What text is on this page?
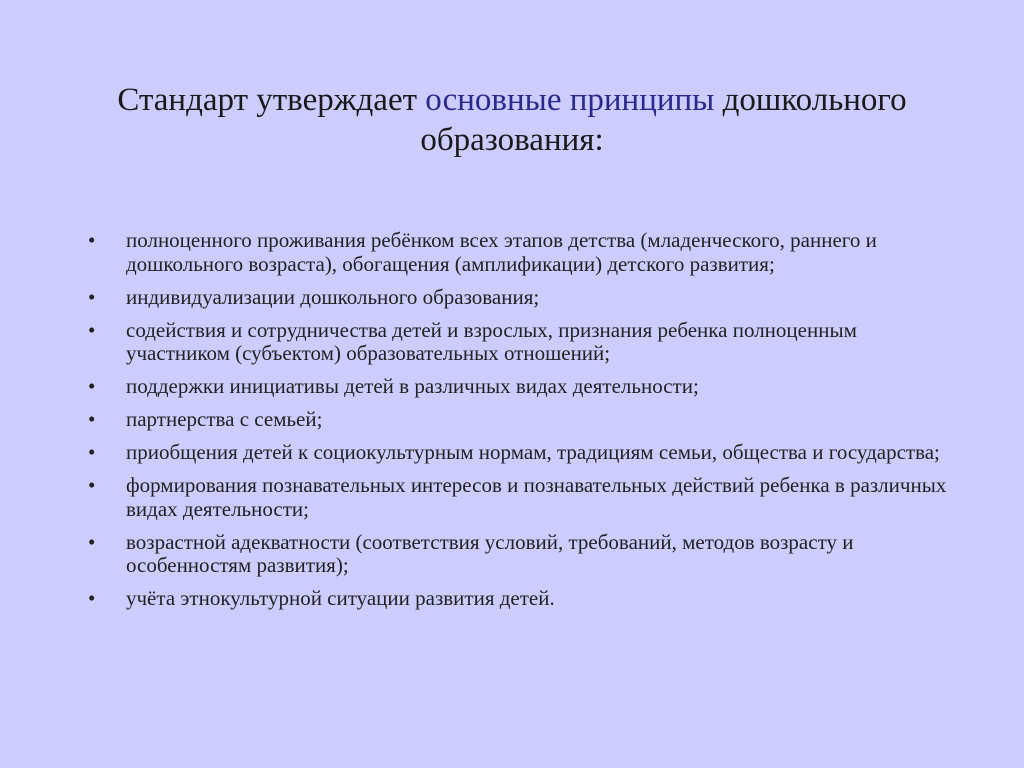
Стандарт утверждает основные принципы дошкольного образования:
• полноценного проживания ребёнком всех этапов детства (младенческого, раннего и дошкольного возраста), обогащения (амплификации) детского развития;
• индивидуализации дошкольного образования;
• содействия и сотрудничества детей и взрослых, признания ребенка полноценным участником (субъектом) образовательных отношений;
• поддержки инициативы детей в различных видах деятельности;
• партнерства с семьей;
• приобщения детей к социокультурным нормам, традициям семьи, общества и государства;
• формирования познавательных интересов и познавательных действий ребенка в различных видах деятельности;
• возрастной адекватности (соответствия условий, требований, методов возрасту и особенностям развития);
• учёта этнокультурной ситуации развития детей.
